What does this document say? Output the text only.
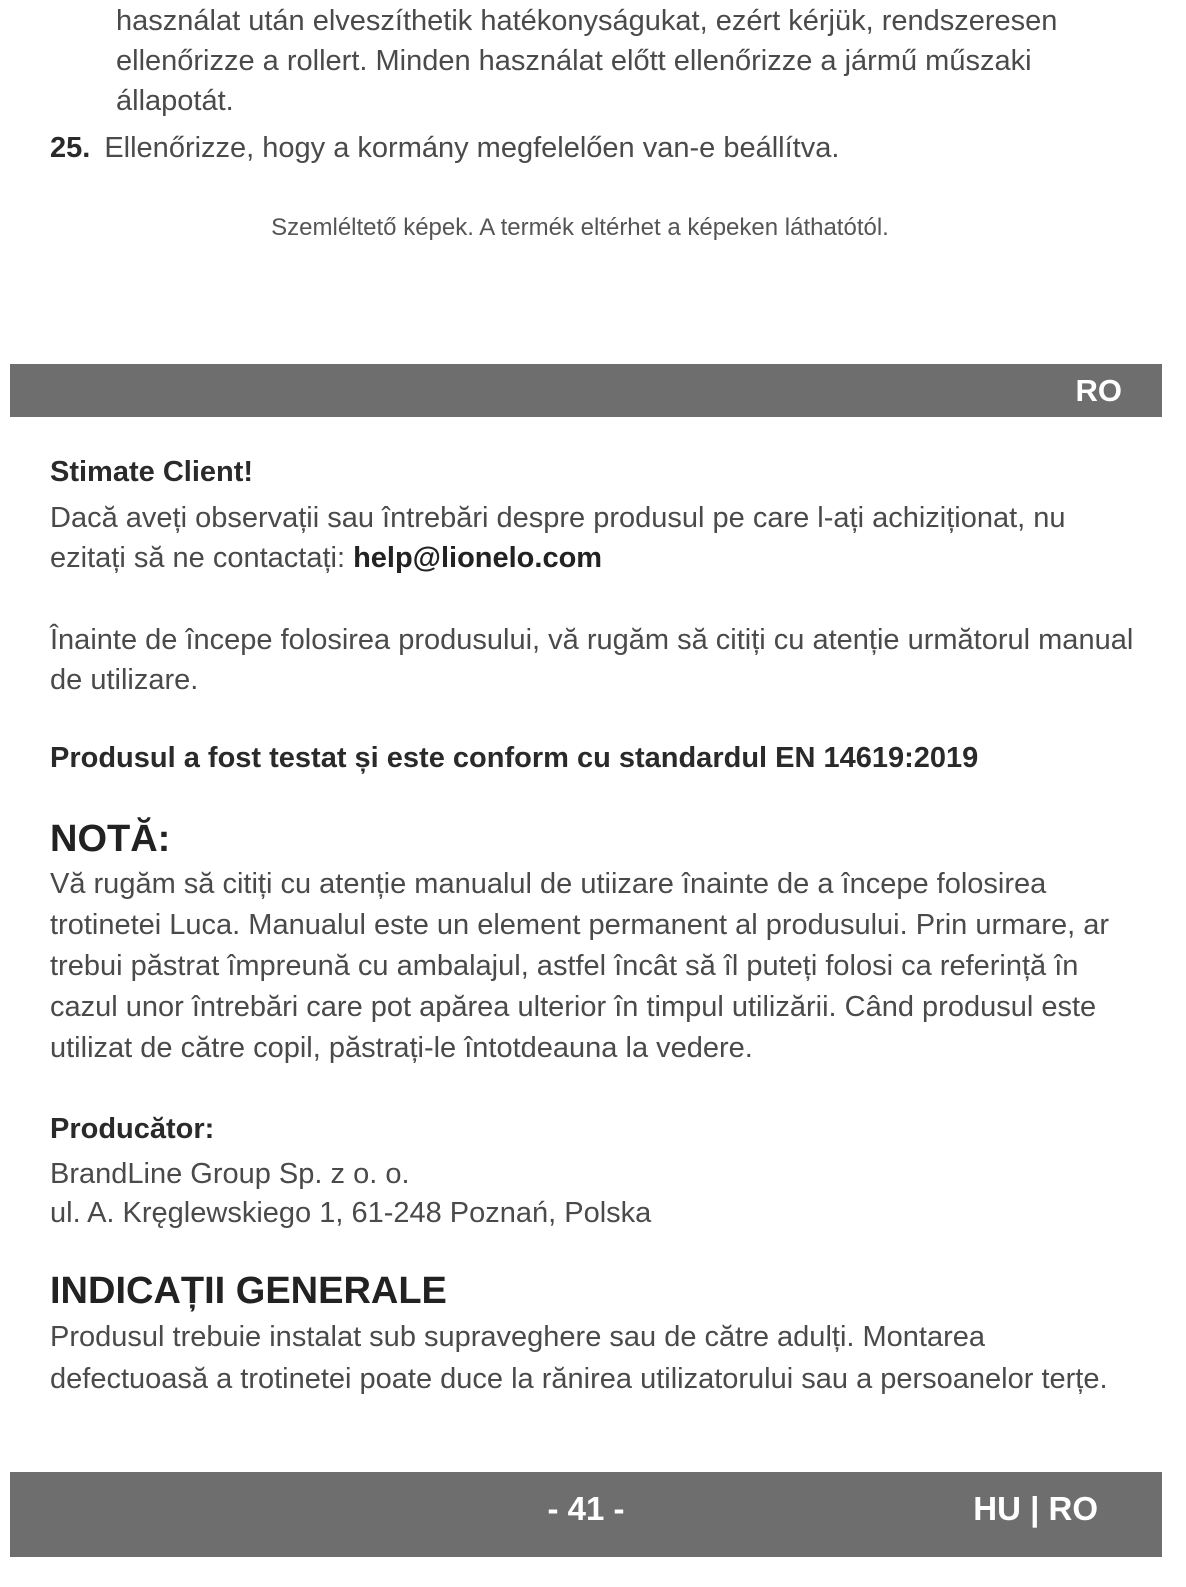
használat után elveszíthetik hatékonyságukat, ezért kérjük, rendszeresen ellenőrizze a rollert. Minden használat előtt ellenőrizze a jármű műszaki állapotát.

25. Ellenőrizze, hogy a kormány megfelelően van-e beállítva.

Szemléltető képek. A termék eltérhet a képeken láthatótól.
RO
Stimate Client!

Dacă aveți observații sau întrebări despre produsul pe care l-ați achiziționat, nu ezitați să ne contactați: help@lionelo.com

Înainte de începe folosirea produsului, vă rugăm să citiți cu atenție următorul manual de utilizare.

Produsul a fost testat și este conform cu standardul EN 14619:2019
NOTĂ:

Vă rugăm să citiți cu atenție manualul de utiizare înainte de a începe folosirea trotinetei Luca. Manualul este un element permanent al produsului. Prin urmare, ar trebui păstrat împreună cu ambalajul, astfel încât să îl puteți folosi ca referință în cazul unor întrebări care pot apărea ulterior în timpul utilizării. Când produsul este utilizat de către copil, păstrați-le întotdeauna la vedere.

Producător:

BrandLine Group Sp. z o. o.

ul. A. Kręglewskiego 1, 61-248 Poznań, Polska

INDICAȚII GENERALE

Produsul trebuie instalat sub supraveghere sau de către adulți. Montarea defectuoasă a trotinetei poate duce la rănirea utilizatorului sau a persoanelor terțe.

- 41 -	HU | RO
